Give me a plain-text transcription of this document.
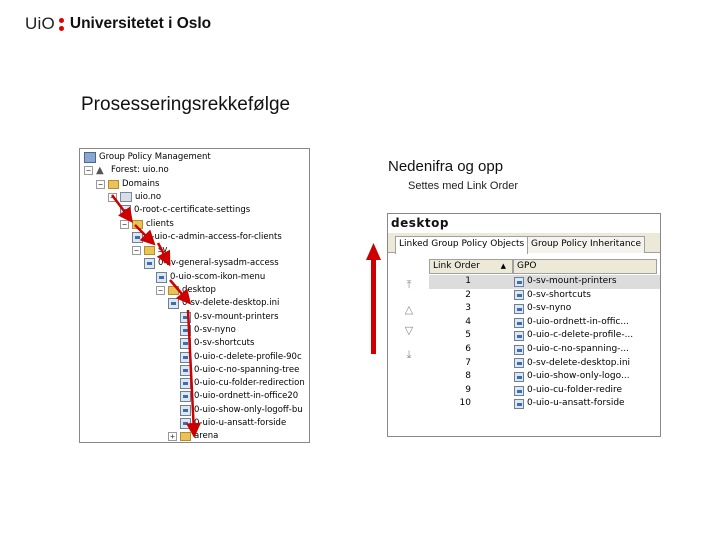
UiO Universitetet i Oslo
Prosesseringsrekkefølge
Group Policy Management
− ▲ Forest: uio.no
− Domains
− uio.no
0-root-c-certificate-settings
− clients
0-uio-c-admin-access-for-clients
− sv
0-sv-general-sysadm-access
0-uio-scom-ikon-menu
− desktop
0-sv-delete-desktop.ini
0-sv-mount-printers
0-sv-nyno
0-sv-shortcuts
0-uio-c-delete-profile-90c
0-uio-c-no-spanning-tree
0-uio-cu-folder-redirection
0-uio-ordnett-in-office20
0-uio-show-only-logoff-bu
0-uio-u-ansatt-forside
+ arena
Nedenifra og opp
Settes med Link Order
desktop
Linked Group Policy Objects Group Policy Inheritance
⤒
△
▽
⤓
Link Order	▲	GPO
1	0-sv-mount-printers
2	0-sv-shortcuts
3	0-sv-nyno
4	0-uio-ordnett-in-offic...
5	0-uio-c-delete-profile-...
6	0-uio-c-no-spanning-...
7	0-sv-delete-desktop.ini
8	0-uio-show-only-logo...
9	0-uio-cu-folder-redire
10	0-uio-u-ansatt-forside
